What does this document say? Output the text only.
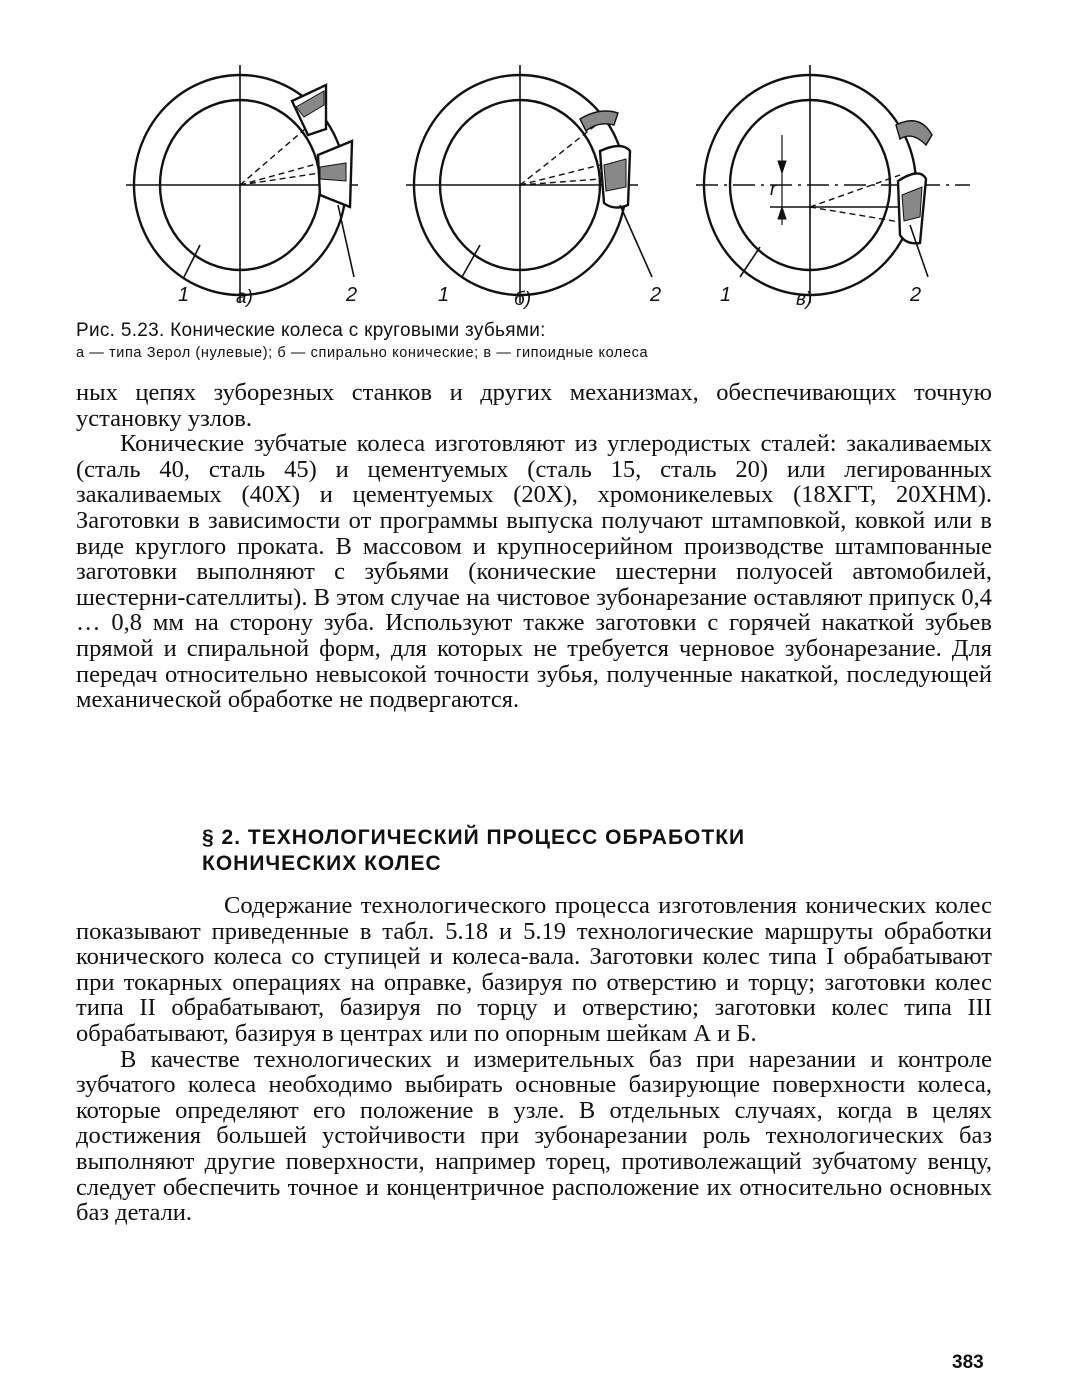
r
1 а)	2	1	б)	2	1	в)	2
Рис. 5.23. Конические колеса с круговыми зубьями:
а — типа Зерол (нулевые); б — спирально конические; в — гипоидные колеса

ных цепях зуборезных станков и других механизмах, обеспечивающих точную установку узлов.

Конические зубчатые колеса изготовляют из углеродистых сталей: закаливаемых (сталь 40, сталь 45) и цементуемых (сталь 15, сталь 20) или легированных закаливаемых (40Х) и цементуемых (20Х), хромоникелевых (18ХГТ, 20ХНМ). Заготовки в зависимости от программы выпуска получают штамповкой, ковкой или в виде круглого проката. В массовом и крупносерийном производстве штампованные заготовки выполняют с зубьями (конические шестерни полуосей автомобилей, шестерни-сателлиты). В этом случае на чистовое зубонарезание оставляют припуск 0,4 … 0,8 мм на сторону зуба. Используют также заготовки с горячей накаткой зубьев прямой и спиральной форм, для которых не требуется черновое зубонарезание. Для передач относительно невысокой точности зубья, полученные накаткой, последующей механической обработке не подвергаются.

§ 2. ТЕХНОЛОГИЧЕСКИЙ ПРОЦЕСС ОБРАБОТКИ
КОНИЧЕСКИХ КОЛЕС

Содержание технологического процесса изготовления конических колес показывают приведенные в табл. 5.18 и 5.19 технологические маршруты обработки конического колеса со ступицей и колеса-вала. Заготовки колес типа I обрабатывают при токарных операциях на оправке, базируя по отверстию и торцу; заготовки колес типа II обрабатывают, базируя по торцу и отверстию; заготовки колес типа III обрабатывают, базируя в центрах или по опорным шейкам А и Б.

В качестве технологических и измерительных баз при нарезании и контроле зубчатого колеса необходимо выбирать основные базирующие поверхности колеса, которые определяют его положение в узле. В отдельных случаях, когда в целях достижения большей устойчивости при зубонарезании роль технологических баз выполняют другие поверхности, например торец, противолежащий зубчатому венцу, следует обеспечить точное и концентричное расположение их относительно основных баз детали.

383
